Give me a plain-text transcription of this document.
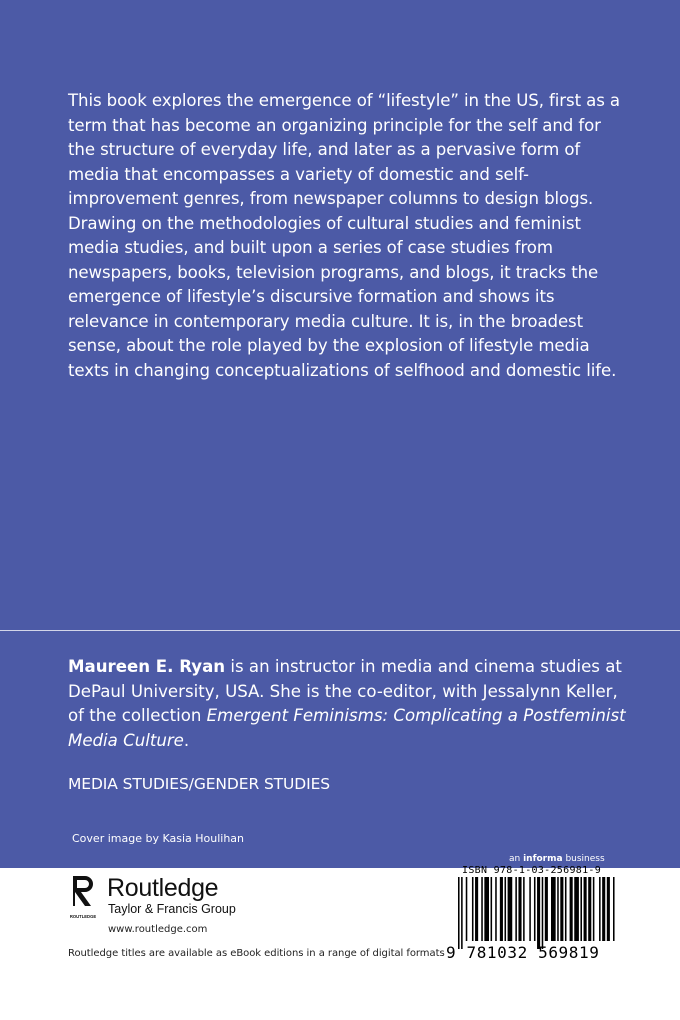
This book explores the emergence of “lifestyle” in the US, first as a term that has become an organizing principle for the self and for the structure of everyday life, and later as a pervasive form of media that encompasses a variety of domestic and self-improvement genres, from newspaper columns to design blogs. Drawing on the methodologies of cultural studies and feminist media studies, and built upon a series of case studies from newspapers, books, television programs, and blogs, it tracks the emergence of lifestyle’s discursive formation and shows its relevance in contemporary media culture. It is, in the broadest sense, about the role played by the explosion of lifestyle media texts in changing conceptualizations of selfhood and domestic life.

Maureen E. Ryan is an instructor in media and cinema studies at DePaul University, USA. She is the co-editor, with Jessalynn Keller, of the collection Emergent Feminisms: Complicating a Postfeminist Media Culture.

MEDIA STUDIES/GENDER STUDIES
Cover image by Kasia Houlihan
an informa business
ROUTLEDGE
Routledge
Taylor & Francis Group
www.routledge.com
Routledge titles are available as eBook editions in a range of digital formats
ISBN 978-1-03-256981-9
9 781032 569819
